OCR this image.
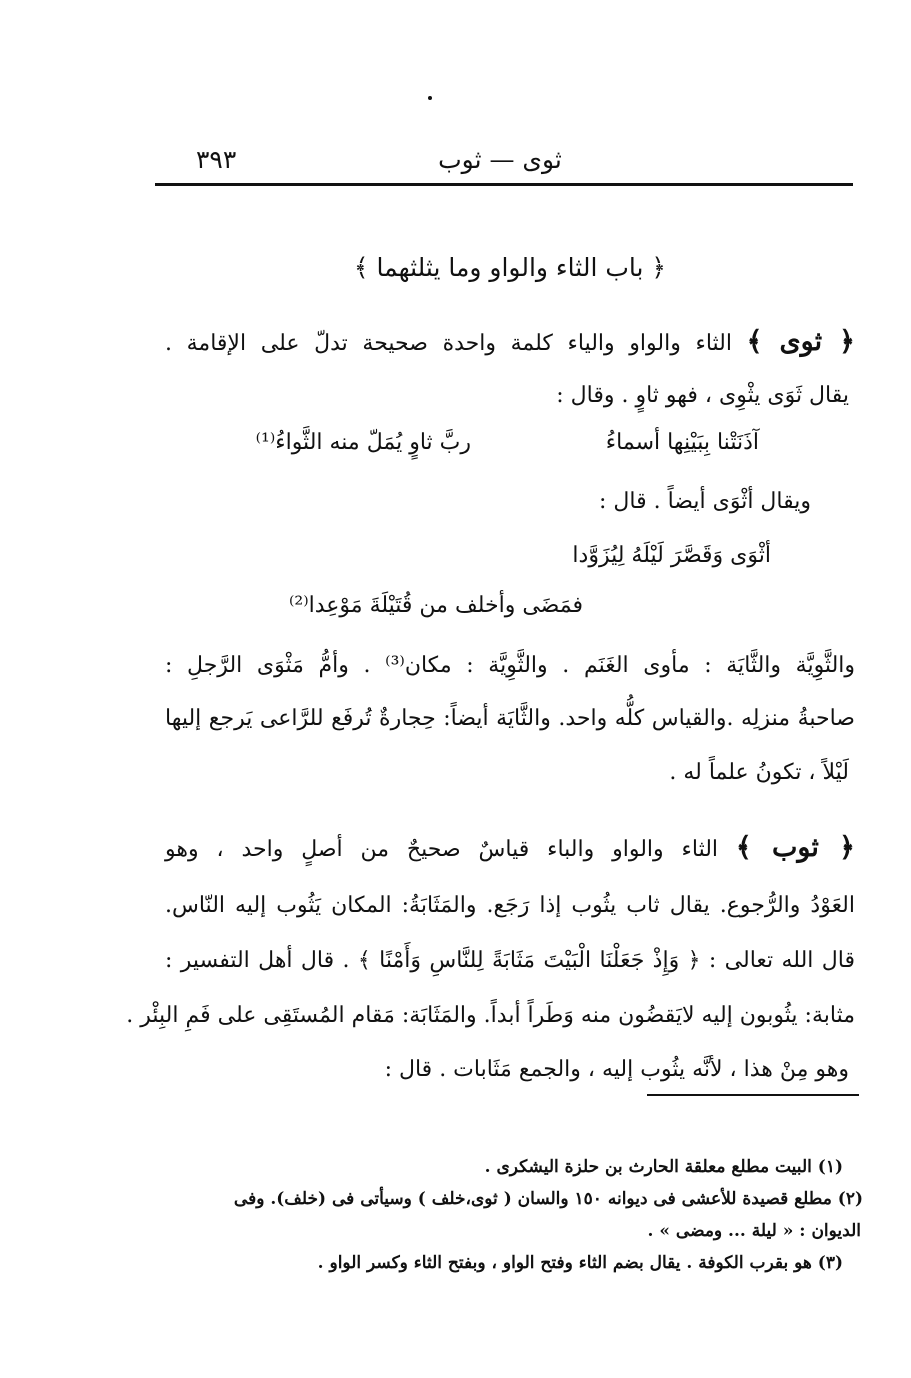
ثوى — ثوب
٣٩٣
﴿ باب الثاء والواو وما يثلثهما ﴾
﴿ ثوى ﴾ الثاء والواو والياء كلمة واحدة صحيحة تدلّ على الإقامة .
يقال ثَوَى يثْوِى ، فهو ثاوٍ . وقال :
آذَنَتْنا بِبَيْنِها أسماءُ
ربَّ ثاوٍ يُمَلّ منه الثَّواءُ⁽¹⁾
ويقال أثْوَى أيضاً . قال :
أثْوَى وَقَصَّرَ لَيْلَهُ لِيُزَوَّدا
فمَضَى وأخلف من قُتَيْلَةَ مَوْعِدا⁽²⁾
والثَّوِيَّة والثَّايَة : مأوى الغَنَم . والثَّوِيَّة : مكان⁽³⁾ . وأمُّ مَثْوَى الرَّجلِ :
صاحبةُ منزلِه .والقياس كلُّه واحد. والثَّايَة أيضاً: حِجارةٌ تُرفَع للرَّاعى يَرجع إليها
لَيْلاً ، تكونُ علماً له .
﴿ ثوب ﴾ الثاء والواو والباء قياسٌ صحيحٌ من أصلٍ واحد ، وهو
العَوْدُ والرُّجوع. يقال ثاب يثُوب إذا رَجَع. والمَثَابَةُ: المكان يَثُوب إليه النّاس.
قال الله تعالى : ﴿ وَإِذْ جَعَلْنَا الْبَيْتَ مَثَابَةً لِلنَّاسِ وَأَمْنًا ﴾ . قال أهل التفسير :
مثابة: يثُوبون إليه لايَقضُون منه وَطَراً أبداً. والمَثَابَة: مَقام المُستَقِى على فَمِ البِئْر .
وهو مِنْ هذا ، لأنَّه يثُوب إليه ، والجمع مَثَابات . قال :
(١) البيت مطلع معلقة الحارث بن حلزة اليشكرى .
(٢) مطلع قصيدة للأعشى فى ديوانه ١٥٠ والسان ( ثوى،خلف ) وسيأتى فى (خلف). وفى
الديوان : « ليلة ... ومضى » .
(٣) هو بقرب الكوفة . يقال بضم الثاء وفتح الواو ، وبفتح الثاء وكسر الواو .
